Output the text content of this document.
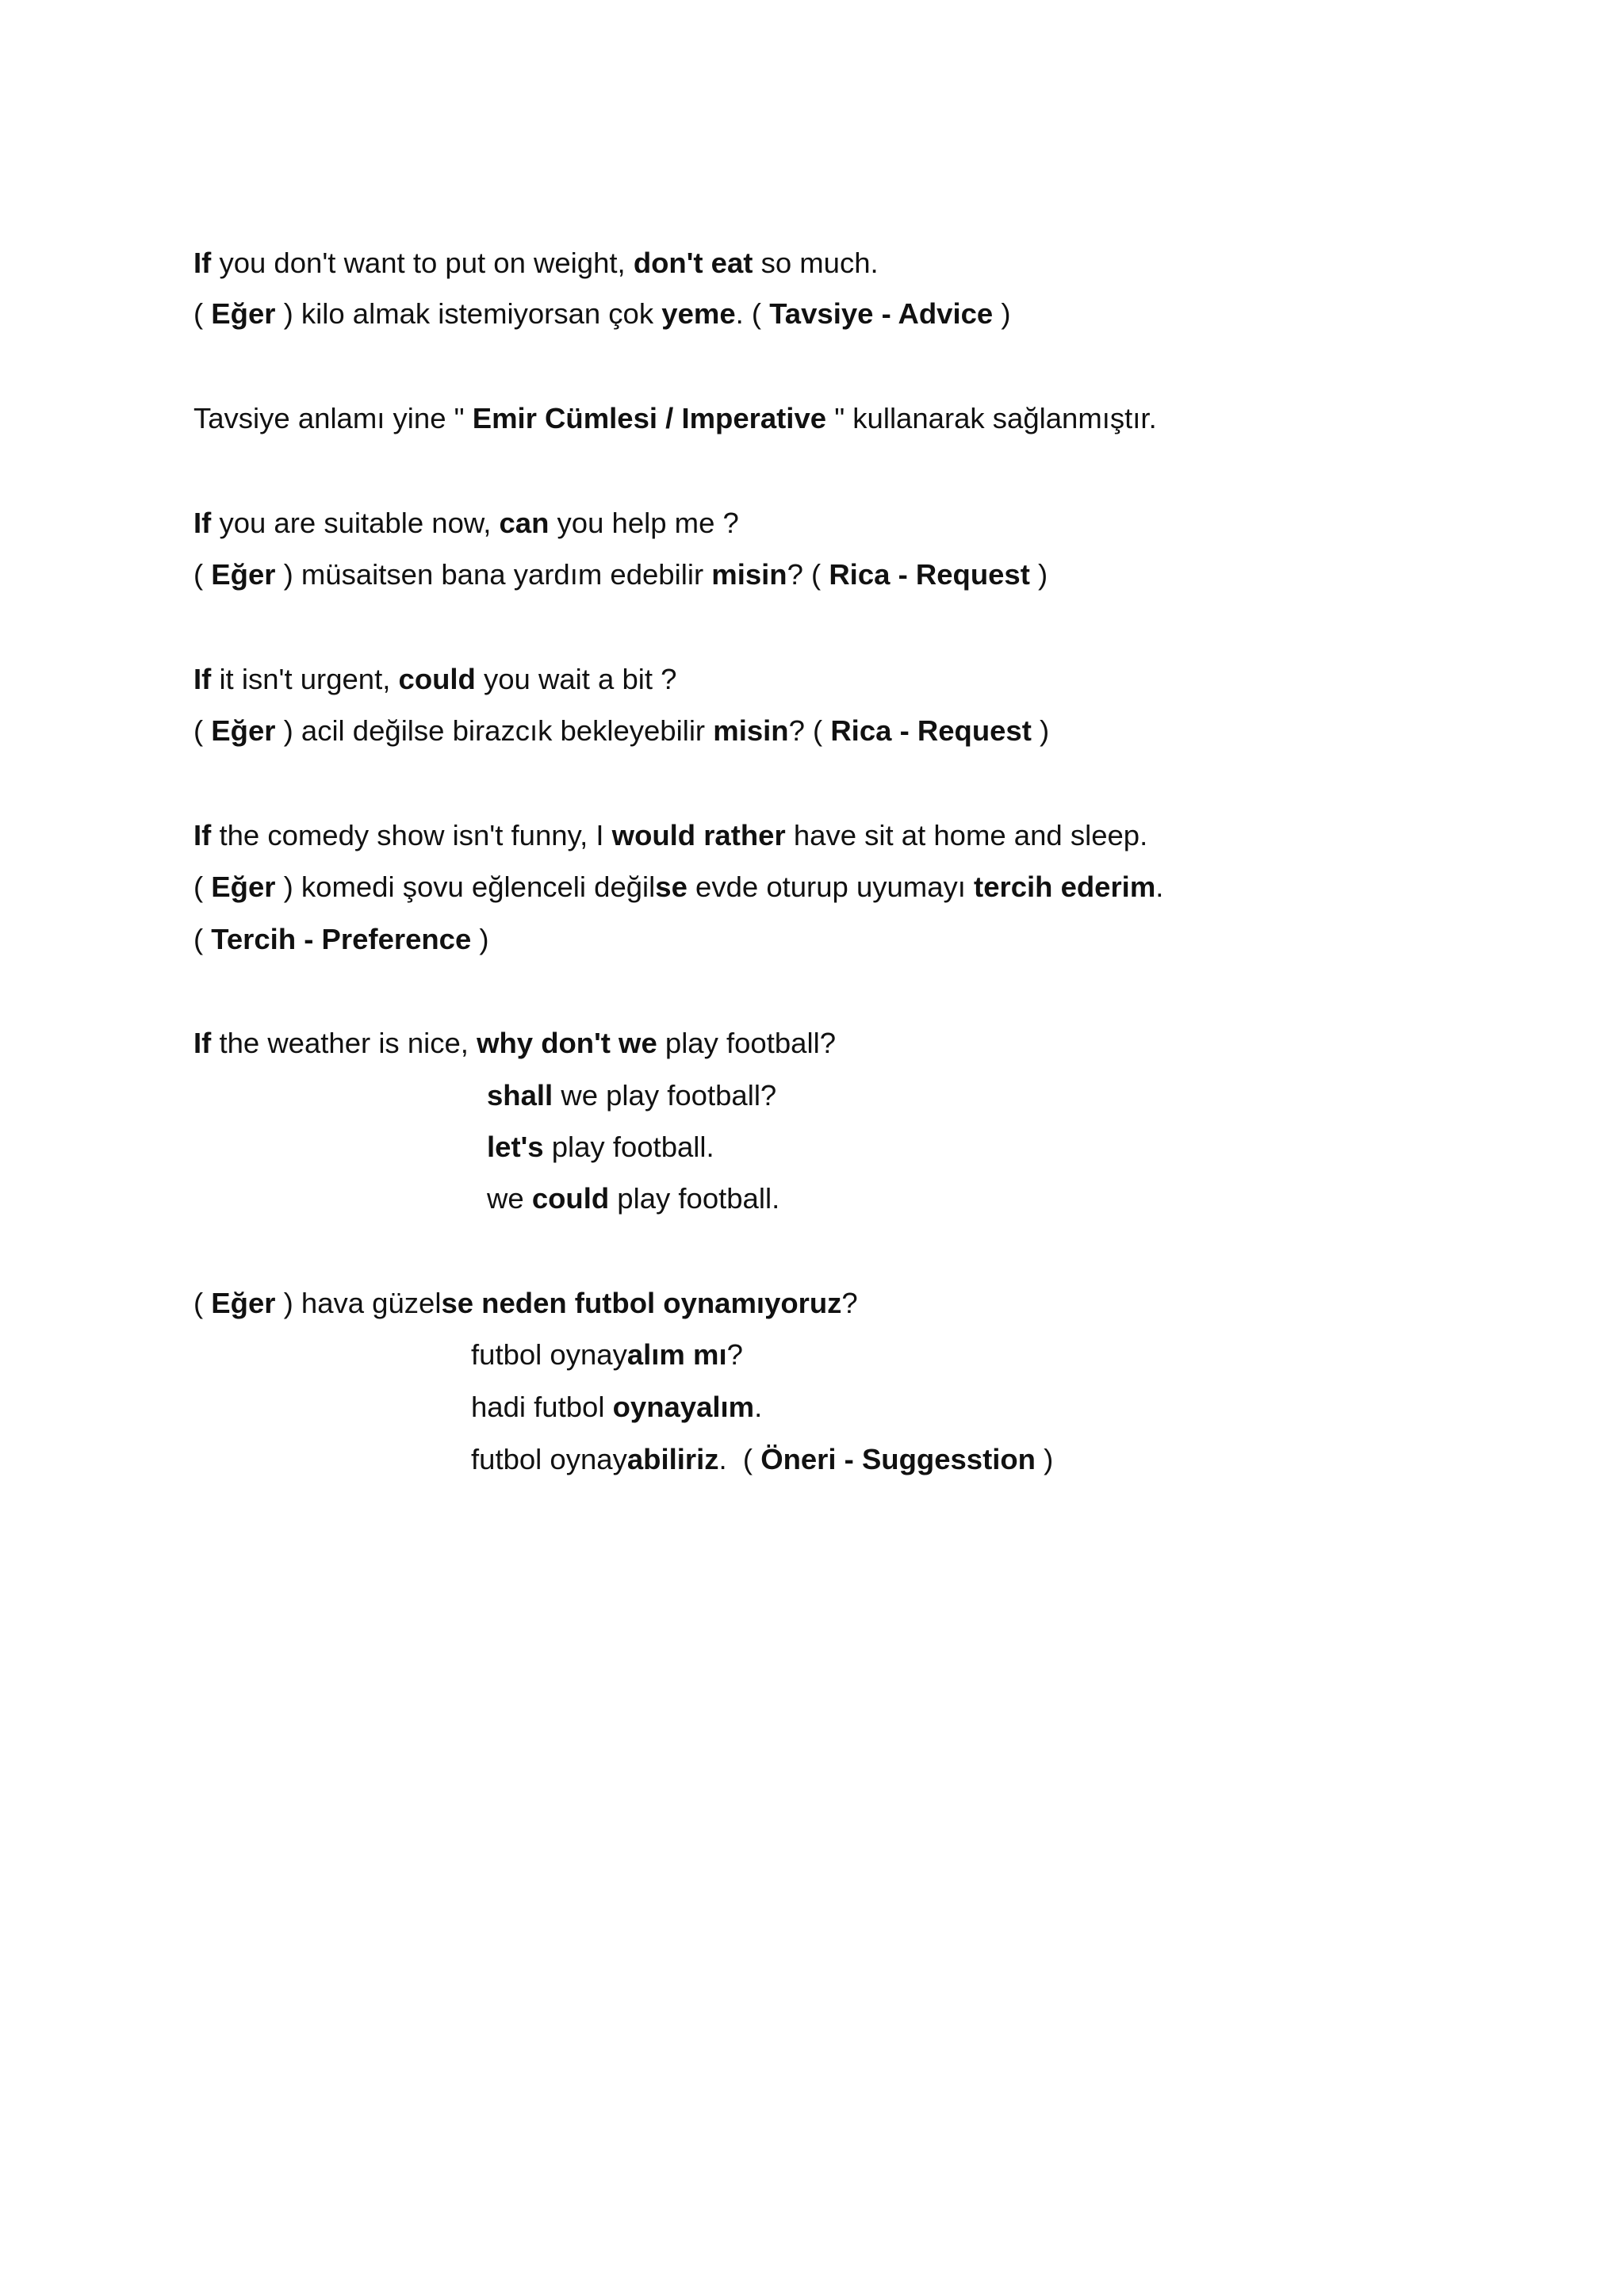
If you don't want to put on weight, don't eat so much.
( Eğer ) kilo almak istemiyorsan çok yeme. ( Tavsiye - Advice )
Tavsiye anlamı yine " Emir Cümlesi / Imperative " kullanarak sağlanmıştır.
If you are suitable now, can you help me ?
( Eğer ) müsaitsen bana yardım edebilir misin? ( Rica - Request )
If it isn't urgent, could you wait a bit ?
( Eğer ) acil değilse birazcık bekleyebilir misin? ( Rica - Request )
If the comedy show isn't funny, I would rather have sit at home and sleep.
( Eğer ) komedi şovu eğlenceli değilse evde oturup uyumayı tercih ederim.
( Tercih - Preference )
If the weather is nice, why don't we play football?
shall we play football?
let's play football.
we could play football.
( Eğer ) hava güzelse neden futbol oynamıyoruz?
futbol oynayalım mı?
hadi futbol oynayalım.
futbol oynayabiliriz.  ( Öneri - Suggesstion )
